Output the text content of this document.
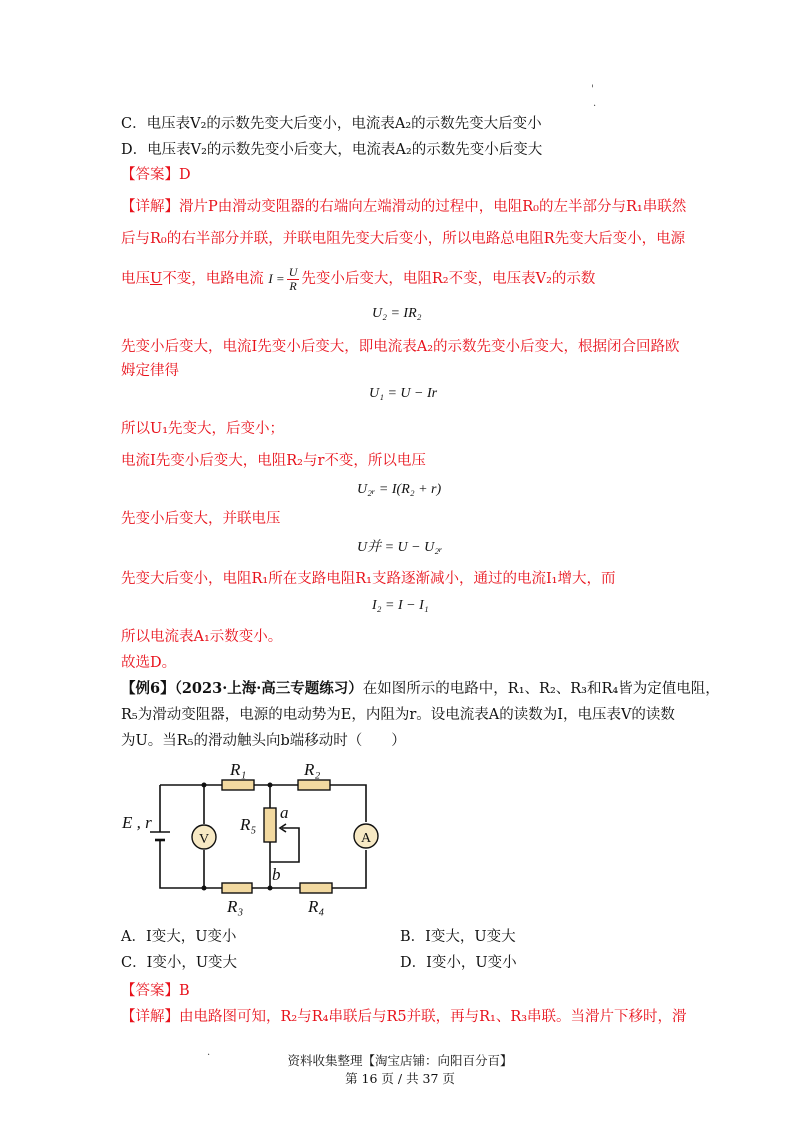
'
.
C．电压表V₂的示数先变大后变小，电流表A₂的示数先变大后变小
D．电压表V₂的示数先变小后变大，电流表A₂的示数先变小后变大
【答案】D
【详解】滑片P由滑动变阻器的右端向左端滑动的过程中，电阻R₀的左半部分与R₁串联然
后与R₀的右半部分并联，并联电阻先变大后变小，所以电路总电阻R先变大后变小，电源
电压U不变，电路电流 $I = \frac{U}{R}$ 先变小后变大，电阻R₂不变，电压表V₂的示数
U₂ = IR₂
先变小后变大，电流I先变小后变大，即电流表A₂的示数先变小后变大，根据闭合回路欧
姆定律得
U₁ = U − Ir
所以U₁先变大，后变小；
电流I先变小后变大，电阻R₂与r不变，所以电压
U₂ᵣ = I(R₂ + r)
先变小后变大，并联电压
U并 = U − U₂ᵣ
先变大后变小，电阻R₁所在支路电阻R₁支路逐渐减小，通过的电流I₁增大，而
I₂ = I − I₁
所以电流表A₁示数变小。
故选D。
【例6】（2023·上海·高三专题练习）在如图所示的电路中，R₁、R₂、R₃和R₄皆为定值电阻，
R₅为滑动变阻器，电源的电动势为E，内阻为r。设电流表A的读数为I，电压表V的读数
为U。当R₅的滑动触头向b端移动时（　　）
V	A
R₁	R₂
R₃	R₄
R₅
E , r
a
b
A．I变大，U变小	B．I变大，U变大
C．I变小，U变大	D．I变小，U变小
【答案】B
【详解】由电路图可知，R₂与R₄串联后与R5并联，再与R₁、R₃串联。当滑片下移时，滑
.
资料收集整理【淘宝店铺：向阳百分百】
第 16 页 / 共 37 页
